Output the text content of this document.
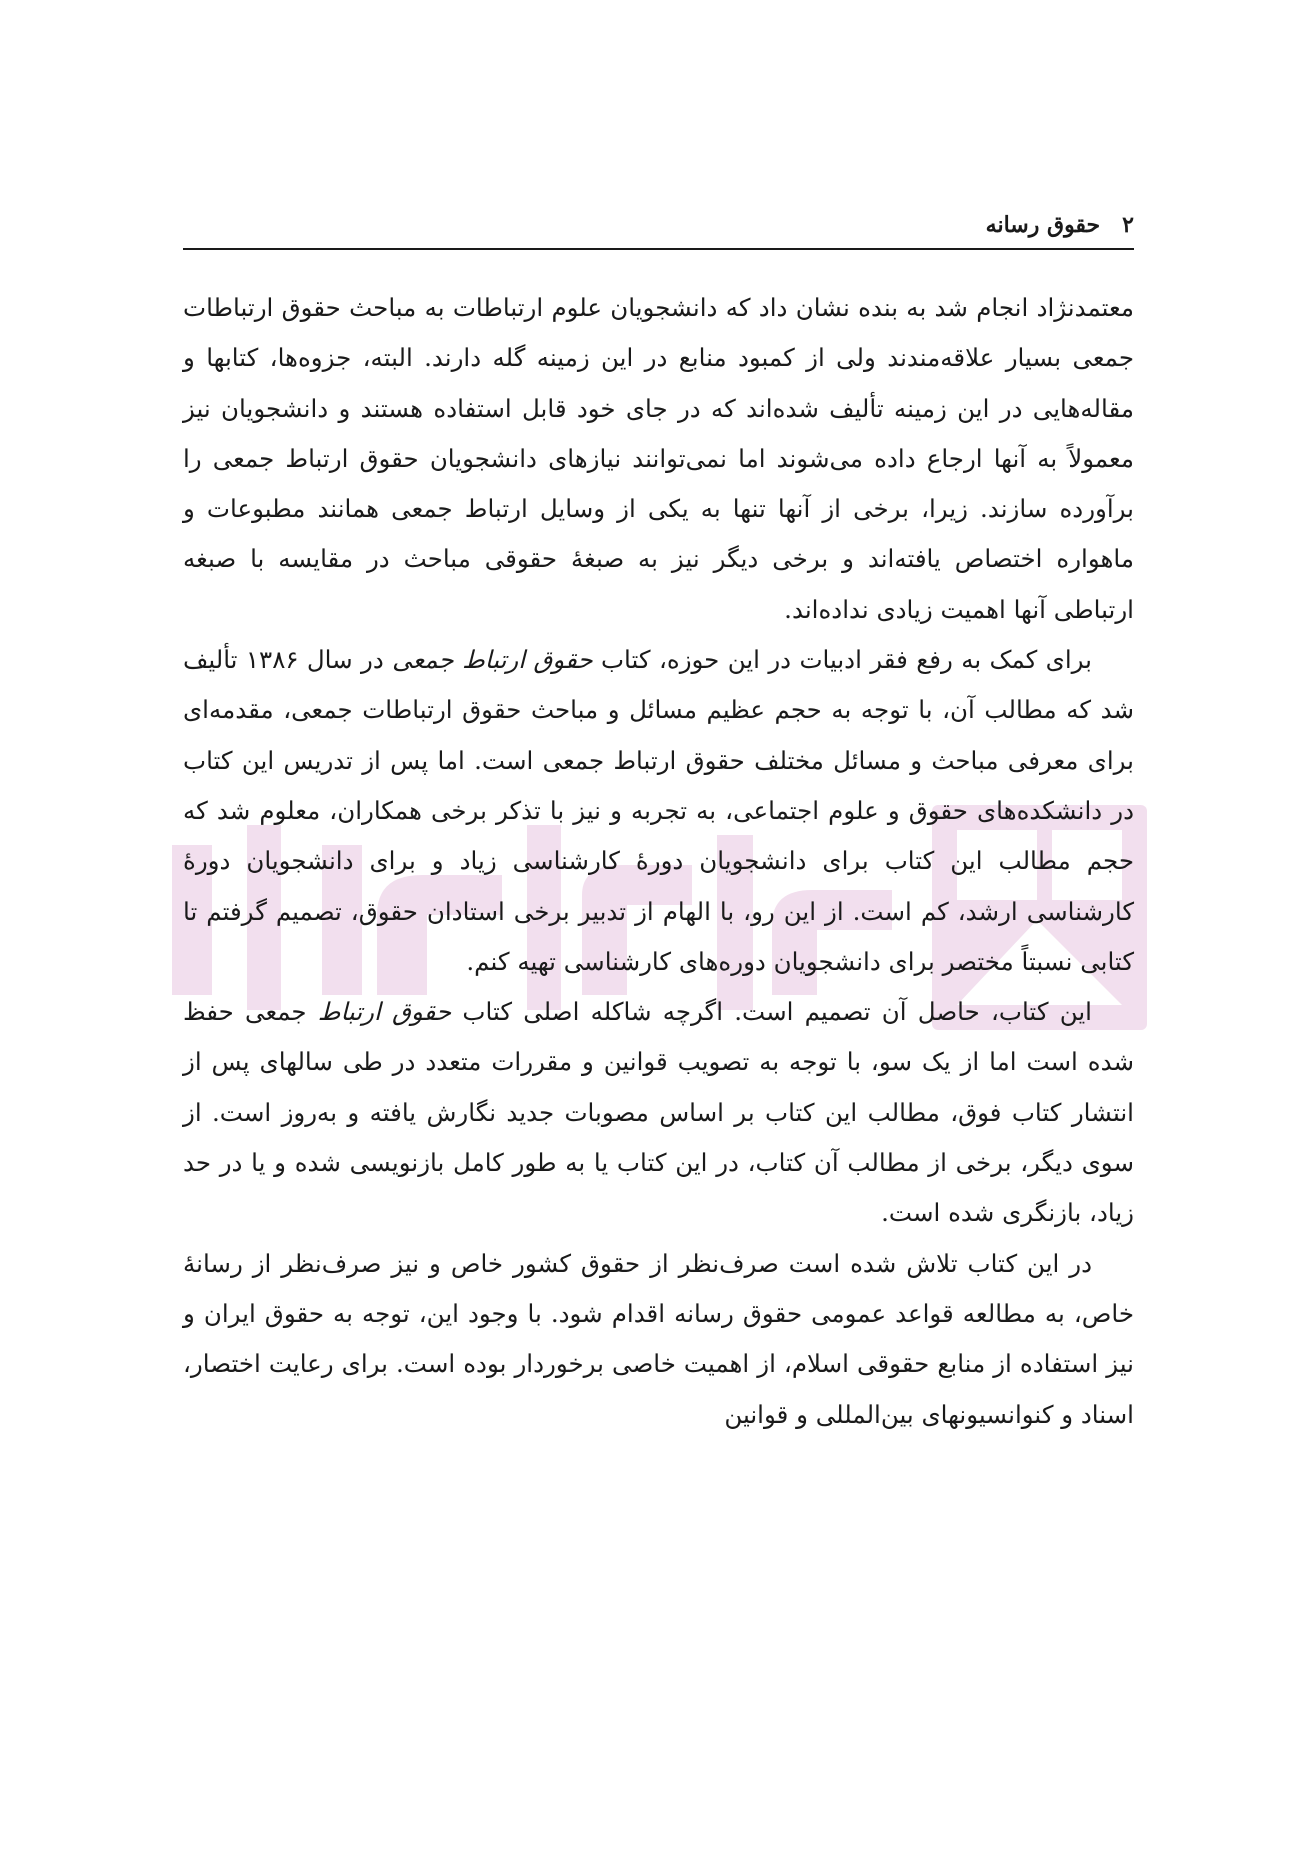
۲
حقوق رسانه

معتمدنژاد انجام شد به بنده نشان داد که دانشجویان علوم ارتباطات به مباحث حقوق ارتباطات جمعی بسیار علاقه‌مندند ولی از کمبود منابع در این زمینه گله دارند. البته، جزوه‌ها، کتابها و مقاله‌هایی در این زمینه تألیف شده‌اند که در جای خود قابل استفاده هستند و دانشجویان نیز معمولاً به آنها ارجاع داده می‌شوند اما نمی‌توانند نیازهای دانشجویان حقوق ارتباط جمعی را برآورده سازند. زیرا، برخی از آنها تنها به یکی از وسایل ارتباط جمعی همانند مطبوعات و ماهواره اختصاص یافته‌اند و برخی دیگر نیز به صبغهٔ حقوقی مباحث در مقایسه با صبغه ارتباطی آنها اهمیت زیادی نداده‌اند.

برای کمک به رفع فقر ادبیات در این حوزه، کتاب حقوق ارتباط جمعی در سال ۱۳۸۶ تألیف شد که مطالب آن، با توجه به حجم عظیم مسائل و مباحث حقوق ارتباطات جمعی، مقدمه‌ای برای معرفی مباحث و مسائل مختلف حقوق ارتباط جمعی است. اما پس از تدریس این کتاب در دانشکده‌های حقوق و علوم اجتماعی، به تجربه و نیز با تذکر برخی همکاران، معلوم شد که حجم مطالب این کتاب برای دانشجویان دورهٔ کارشناسی زیاد و برای دانشجویان دورهٔ کارشناسی ارشد، کم است. از این رو، با الهام از تدبیر برخی استادان حقوق، تصمیم گرفتم تا کتابی نسبتاً مختصر برای دانشجویان دوره‌های کارشناسی تهیه کنم.

این کتاب، حاصل آن تصمیم است. اگرچه شاکله اصلی کتاب حقوق ارتباط جمعی حفظ شده است اما از یک سو، با توجه به تصویب قوانین و مقررات متعدد در طی سالهای پس از انتشار کتاب فوق، مطالب این کتاب بر اساس مصوبات جدید نگارش یافته و به‌روز است. از سوی دیگر، برخی از مطالب آن کتاب، در این کتاب یا به طور کامل بازنویسی شده و یا در حد زیاد، بازنگری شده است.

در این کتاب تلاش شده است صرف‌نظر از حقوق کشور خاص و نیز صرف‌نظر از رسانهٔ خاص، به مطالعه قواعد عمومی حقوق رسانه اقدام شود. با وجود این، توجه به حقوق ایران و نیز استفاده از منابع حقوقی اسلام، از اهمیت خاصی برخوردار بوده است. برای رعایت اختصار، اسناد و کنوانسیونهای بین‌المللی و قوانین
